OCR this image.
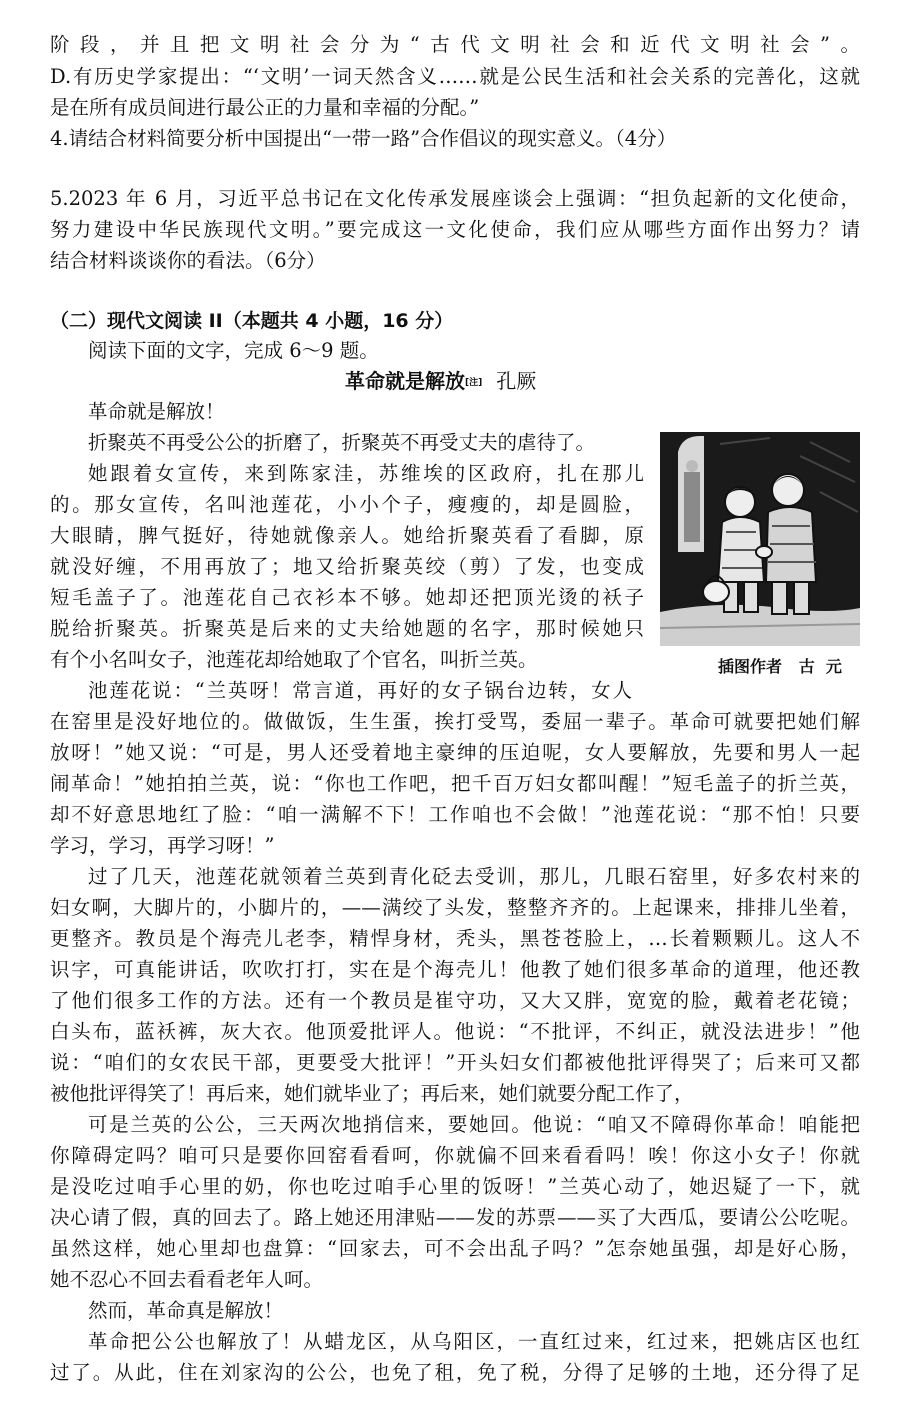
阶段，并且把文明社会分为“古代文明社会和近代文明社会”。
D.有历史学家提出：“‘文明’一词天然含义……就是公民生活和社会关系的完善化，这就
是在所有成员间进行最公正的力量和幸福的分配。”
4.请结合材料简要分析中国提出“一带一路”合作倡议的现实意义。（4分）
5.2023 年 6 月，习近平总书记在文化传承发展座谈会上强调：“担负起新的文化使命，
努力建设中华民族现代文明。”要完成这一文化使命，我们应从哪些方面作出努力？请
结合材料谈谈你的看法。（6分）
（二）现代文阅读 II（本题共 4 小题，16 分）
阅读下面的文字，完成 6～9 题。
革命就是解放[注] 孔厥
革命就是解放！
折聚英不再受公公的折磨了，折聚英不再受丈夫的虐待了。
她跟着女宣传，来到陈家洼，苏维埃的区政府，扎在那儿
的。那女宣传，名叫池莲花，小小个子，瘦瘦的，却是圆脸，
大眼睛，脾气挺好，待她就像亲人。她给折聚英看了看脚，原
就没好缠，不用再放了；地又给折聚英绞（剪）了发，也变成
短毛盖子了。池莲花自己衣衫本不够。她却还把顶光烫的袄子
脱给折聚英。折聚英是后来的丈夫给她题的名字，那时候她只
有个小名叫女子，池莲花却给她取了个官名，叫折兰英。
池莲花说：“兰英呀！常言道，再好的女子锅台边转，女人
插图作者   古  元
在窑里是没好地位的。做做饭，生生蛋，挨打受骂，委屈一辈子。革命可就要把她们解
放呀！”她又说：“可是，男人还受着地主豪绅的压迫呢，女人要解放，先要和男人一起
闹革命！”她拍拍兰英，说：“你也工作吧，把千百万妇女都叫醒！”短毛盖子的折兰英，
却不好意思地红了脸：“咱一满解不下！工作咱也不会做！”池莲花说：“那不怕！只要
学习，学习，再学习呀！”
过了几天，池莲花就领着兰英到青化砭去受训，那儿，几眼石窑里，好多农村来的
妇女啊，大脚片的，小脚片的，——满绞了头发，整整齐齐的。上起课来，排排儿坐着，
更整齐。教员是个海壳儿老李，精悍身材，秃头，黑苍苍脸上，…长着颗颗儿。这人不
识字，可真能讲话，吹吹打打，实在是个海壳儿！他教了她们很多革命的道理，他还教
了他们很多工作的方法。还有一个教员是崔守功，又大又胖，宽宽的脸，戴着老花镜；
白头布，蓝袄裤，灰大衣。他顶爱批评人。他说：“不批评，不纠正，就没法进步！”他
说：“咱们的女农民干部，更要受大批评！”开头妇女们都被他批评得哭了；后来可又都
被他批评得笑了！再后来，她们就毕业了；再后来，她们就要分配工作了，
可是兰英的公公，三天两次地捎信来，要她回。他说：“咱又不障碍你革命！咱能把
你障碍定吗？咱可只是要你回窑看看呵，你就偏不回来看看吗！唉！你这小女子！你就
是没吃过咱手心里的奶，你也吃过咱手心里的饭呀！”兰英心动了，她迟疑了一下，就
决心请了假，真的回去了。路上她还用津贴——发的苏票——买了大西瓜，要请公公吃呢。
虽然这样，她心里却也盘算：“回家去，可不会出乱子吗？”怎奈她虽强，却是好心肠，
她不忍心不回去看看老年人呵。
然而，革命真是解放！
革命把公公也解放了！从蜡龙区，从乌阳区，一直红过来，红过来，把姚店区也红
过了。从此，住在刘家沟的公公，也免了租，免了税，分得了足够的土地，还分得了足
